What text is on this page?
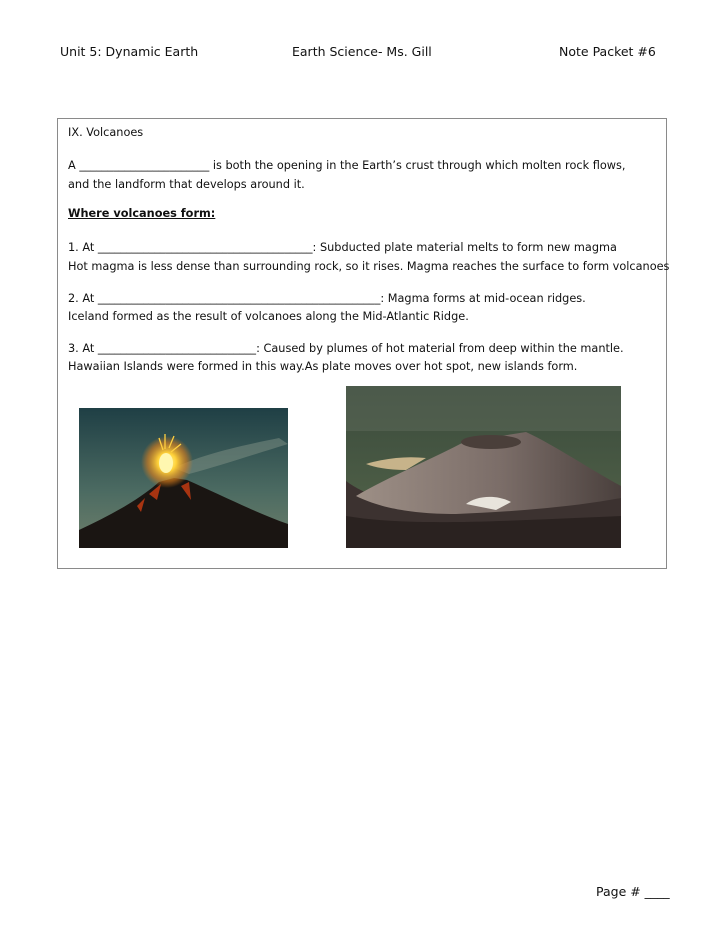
Unit 5: Dynamic Earth	Earth Science- Ms. Gill	Note Packet #6
IX. Volcanoes
A _______________________ is both the opening in the Earth’s crust through which molten rock flows,
and the landform that develops around it.
Where volcanoes form:
1. At ______________________________________: Subducted plate material melts to form new magma
Hot magma is less dense than surrounding rock, so it rises. Magma reaches the surface to form volcanoes
2. At __________________________________________________: Magma forms at mid-ocean ridges.
Iceland formed as the result of volcanoes along the Mid-Atlantic Ridge.
3. At ____________________________: Caused by plumes of hot material from deep within the mantle.
Hawaiian Islands were formed in this way.As plate moves over hot spot, new islands form.
Page # ____
